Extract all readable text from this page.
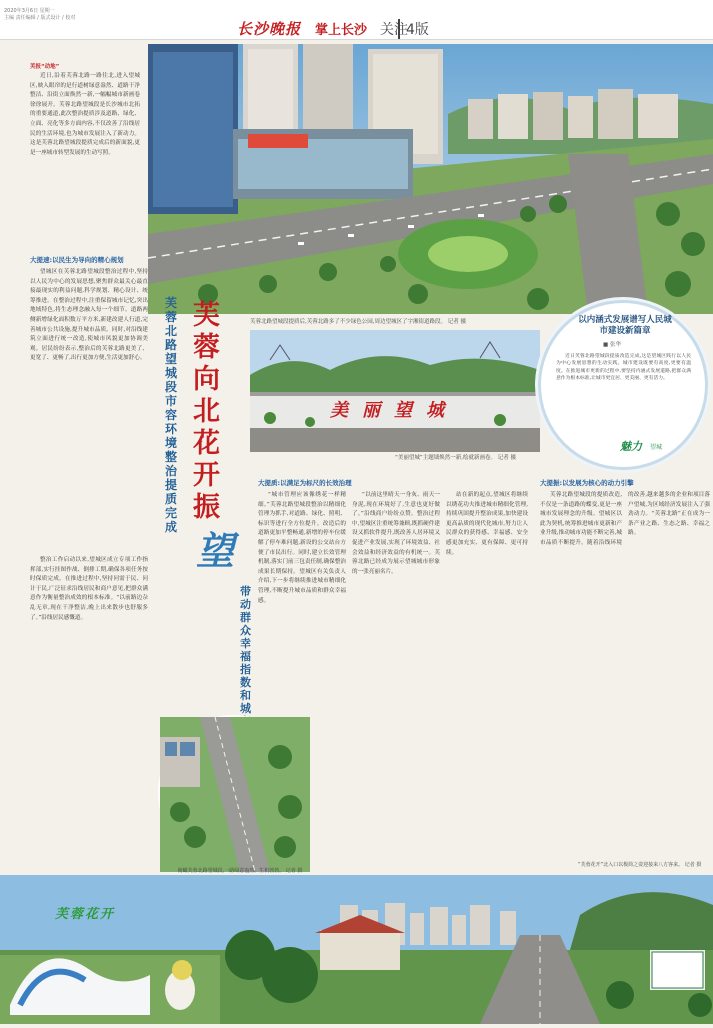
2020年3月6日 星期一
主编 责任编辑 / 版式设计 / 校对
长沙晚报 掌上长沙 关注
4版
芙报“动地”
近日,沿着芙蓉北路一路往北,进入望城区,映入眼帘的是行道树绿意盎然、道路干净整洁、沿街立面焕然一新,一幅幅城市新画卷徐徐展开。芙蓉北路望城段是长沙城市北拓的重要通道,此次整治提质涉及道路、绿化、立面、亮化等多方面内容,不仅改善了沿线居民的生活环境,也为城市发展注入了新动力。这是芙蓉北路望城段提质完成后的新面貌,更是一座城市转型发展的生动写照。
大提速:以民生为导向的精心规划
望城区在芙蓉北路望城段整治过程中,坚持以人民为中心的发展思想,聚焦群众最关心最直接最现实的利益问题,科学规划、精心设计、统筹推进。在整治过程中,注重保留城市记忆,突出地域特色,将生态理念融入每一个细节。道路两侧新增绿化面积数万平方米,新建改建人行道,完善城市公共设施,提升城市品质。同时,对沿线建筑立面进行统一改造,使城市风貌更加协调美观。居民纷纷表示,整治后的芙蓉北路更美了、更宽了、更畅了,出行更加方便,生活更加舒心。
整治工作启动以来,望城区成立专项工作指挥部,实行挂图作战、倒排工期,确保各项任务按时保质完成。在推进过程中,坚持问需于民、问计于民,广泛征求沿线居民和商户意见,把群众满意作为衡量整治成效的根本标准。“以前路边杂乱无章,现在干净整洁,晚上出来散步也舒服多了。”沿线居民感慨道。
芙蓉北路望城段市容环境整治提质完成
芙蓉向北 花开振
望
带动群众幸福指数和城
芙蓉北路望城段提质后,芙蓉北路多了不少绿色公园,周边望城区了宇湘街道路段。 记者 摄
美丽望城
“美丽望城”主题墙焕然一新,绘就新画卷。 记者 摄
以内涵式发展谱写人民城市建设新篇章
■ 张华
近日芙蓉北路望城段提质改造完成,这是望城区践行以人民为中心发展思想的生动实践。城市建设既要有高度,更要有温度。在推进城市更新的过程中,要坚持内涵式发展道路,把群众满意作为根本标准,让城市更宜居、更美丽、更有活力。
魅力 望城
大提质:以满足为标尺的长效治理
“城市管理应该像绣花一样精细。”芙蓉北路望城段整治以精细化管理为抓手,对道路、绿化、照明、标识等进行全方位提升。改造后的道路更加平整畅通,新增的停车位缓解了停车难问题,新设的公交站台方便了市民出行。同时,建立长效管理机制,落实门前三包责任制,确保整治成果长期保持。望城区有关负责人介绍,下一步将继续推进城市精细化管理,不断提升城市品质和群众幸福感。
“以前这里晴天一身灰、雨天一身泥,现在环境好了,生意也更好做了。”沿线商户纷纷点赞。整治过程中,望城区注重统筹兼顾,既抓硬件建设又抓软件提升,既改善人居环境又促进产业发展,实现了环境效益、社会效益和经济效益的有机统一。芙蓉北路已经成为展示望城城市形象的一张亮丽名片。
站在新的起点,望城区将继续以绣花功夫推进城市精细化管理,持续巩固提升整治成果,加快建设更高品质的现代化城市,努力让人民群众的获得感、幸福感、安全感更加充实、更有保障、更可持续。
大提振:以发展为核心的动力引擎
芙蓉北路望城段的提质改造,不仅是一条道路的蝶变,更是一座城市发展理念的升级。望城区以此为契机,统筹推进城市更新和产业升级,推动城市功能不断完善,城市品质不断提升。随着沿线环境的改善,越来越多的企业和项目落户望城,为区域经济发展注入了强劲动力。“芙蓉北路”正在成为一条产业之路、生态之路、幸福之路。
“芙蓉花开”北入口以极简之姿迎接来八方客来。 记者 摄
俯瞰芙蓉北路望城段,一路绿意盎然、生机勃勃。 记者 摄
芙蓉花开
